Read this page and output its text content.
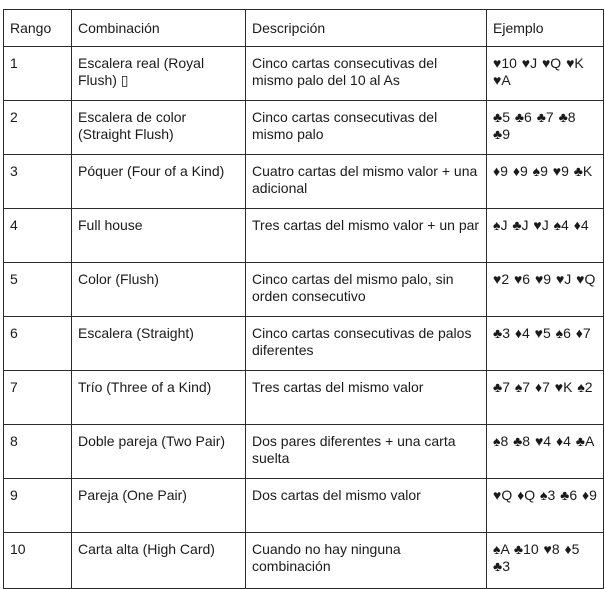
Rango	Combinación	Descripción	Ejemplo
1	Escalera real (Royal Flush) ▯	Cinco cartas consecutivas del mismo palo del 10 al As	♥10 ♥J ♥Q ♥K ♥A
2	Escalera de color (Straight Flush)	Cinco cartas consecutivas del mismo palo	♣5 ♣6 ♣7 ♣8 ♣9
3	Póquer (Four of a Kind)	Cuatro cartas del mismo valor + una adicional	♦9 ♦9 ♠9 ♥9 ♣K
4	Full house	Tres cartas del mismo valor + un par	♠J ♣J ♥J ♠4 ♦4
5	Color (Flush)	Cinco cartas del mismo palo, sin orden consecutivo	♥2 ♥6 ♥9 ♥J ♥Q
6	Escalera (Straight)	Cinco cartas consecutivas de palos diferentes	♣3 ♦4 ♥5 ♠6 ♦7
7	Trío (Three of a Kind)	Tres cartas del mismo valor	♣7 ♠7 ♦7 ♥K ♠2
8	Doble pareja (Two Pair)	Dos pares diferentes + una carta suelta	♠8 ♣8 ♥4 ♦4 ♣A
9	Pareja (One Pair)	Dos cartas del mismo valor	♥Q ♦Q ♠3 ♣6 ♦9
10	Carta alta (High Card)	Cuando no hay ninguna combinación	♠A ♣10 ♥8 ♦5 ♣3
